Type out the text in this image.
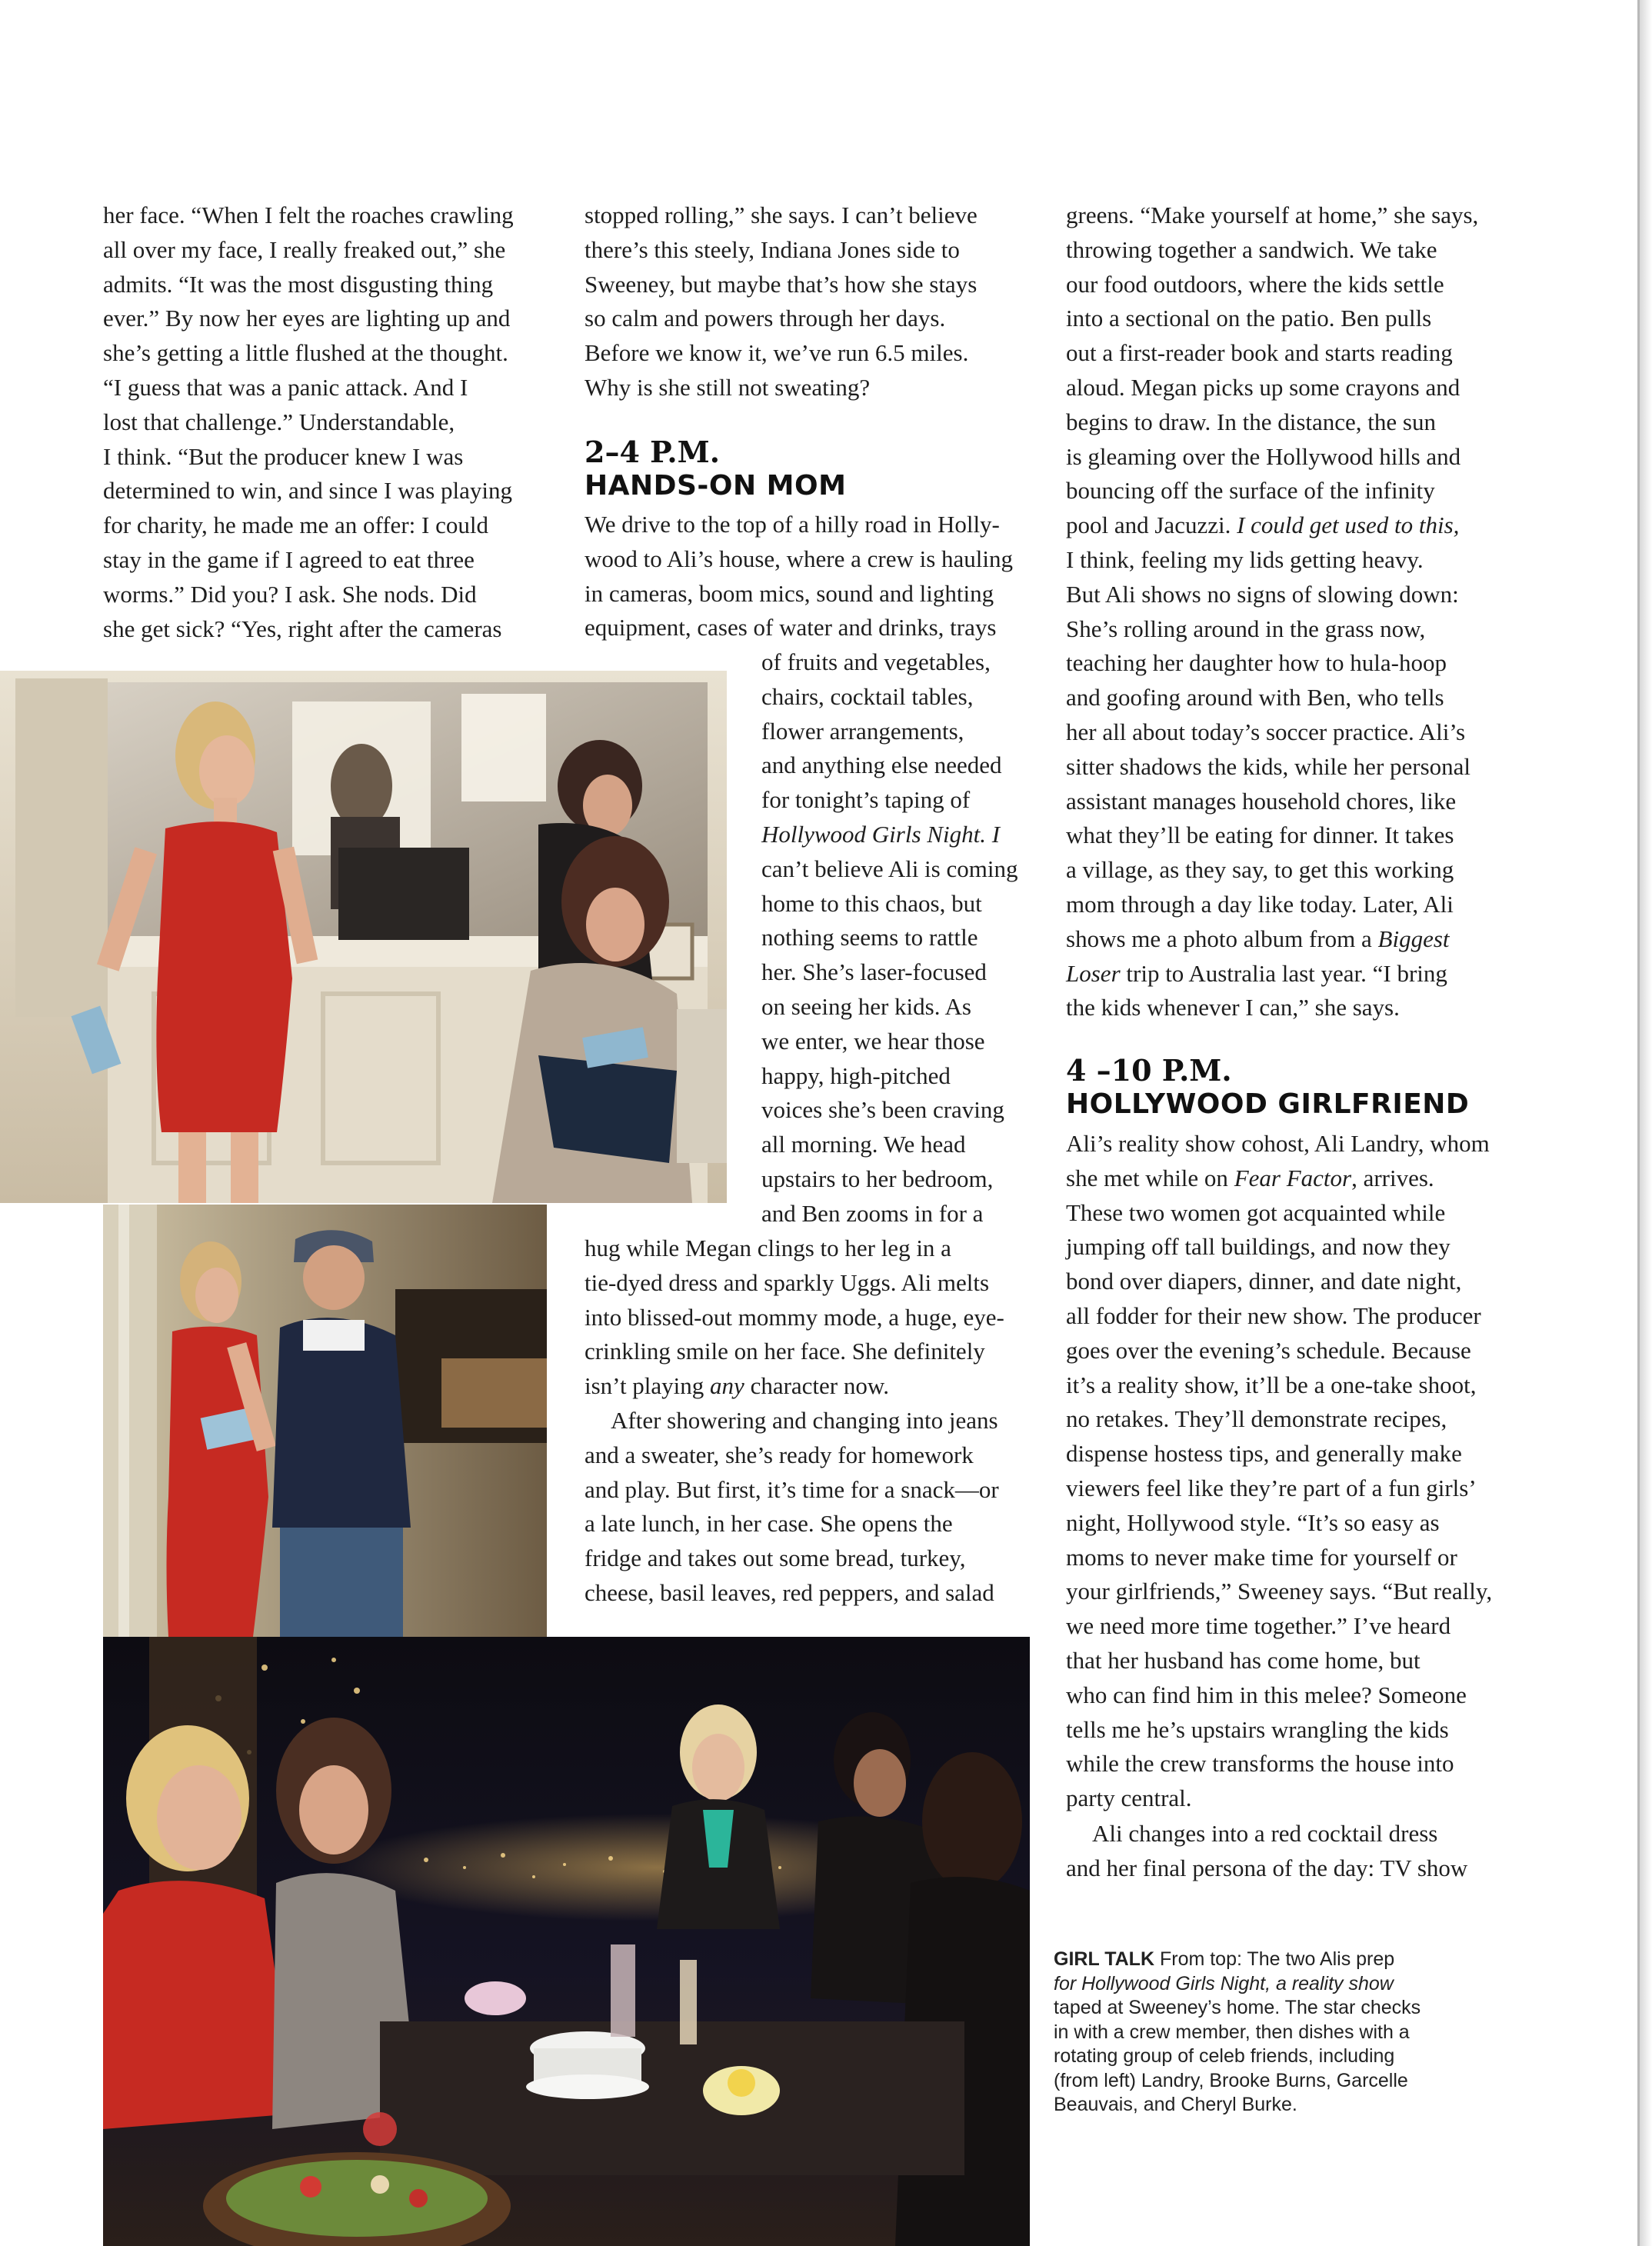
her face. “When I felt the roaches crawling
all over my face, I really freaked out,” she
admits. “It was the most disgusting thing
ever.” By now her eyes are lighting up and
she’s getting a little flushed at the thought.
“I guess that was a panic attack. And I
lost that challenge.” Understandable,
I think. “But the producer knew I was
determined to win, and since I was playing
for charity, he made me an offer: I could
stay in the game if I agreed to eat three
worms.” Did you? I ask. She nods. Did
she get sick? “Yes, right after the cameras
stopped rolling,” she says. I can’t believe
there’s this steely, Indiana Jones side to
Sweeney, but maybe that’s how she stays
so calm and powers through her days.
Before we know it, we’ve run 6.5 miles.
Why is she still not sweating?
2–4 P.M.
HANDS-ON MOM
We drive to the top of a hilly road in Holly-
wood to Ali’s house, where a crew is hauling
in cameras, boom mics, sound and lighting
equipment, cases of water and drinks, trays
of fruits and vegetables,
chairs, cocktail tables,
flower arrangements,
and anything else needed
for tonight’s taping of
Hollywood Girls Night. I
can’t believe Ali is coming
home to this chaos, but
nothing seems to rattle
her. She’s laser-focused
on seeing her kids. As
we enter, we hear those
happy, high-pitched
voices she’s been craving
all morning. We head
upstairs to her bedroom,
and Ben zooms in for a
hug while Megan clings to her leg in a
tie-dyed dress and sparkly Uggs. Ali melts
into blissed-out mommy mode, a huge, eye-
crinkling smile on her face. She definitely
isn’t playing any character now.
After showering and changing into jeans
and a sweater, she’s ready for homework
and play. But first, it’s time for a snack—or
a late lunch, in her case. She opens the
fridge and takes out some bread, turkey,
cheese, basil leaves, red peppers, and salad
greens. “Make yourself at home,” she says,
throwing together a sandwich. We take
our food outdoors, where the kids settle
into a sectional on the patio. Ben pulls
out a first-reader book and starts reading
aloud. Megan picks up some crayons and
begins to draw. In the distance, the sun
is gleaming over the Hollywood hills and
bouncing off the surface of the infinity
pool and Jacuzzi. I could get used to this,
I think, feeling my lids getting heavy.
But Ali shows no signs of slowing down:
She’s rolling around in the grass now,
teaching her daughter how to hula-hoop
and goofing around with Ben, who tells
her all about today’s soccer practice. Ali’s
sitter shadows the kids, while her personal
assistant manages household chores, like
what they’ll be eating for dinner. It takes
a village, as they say, to get this working
mom through a day like today. Later, Ali
shows me a photo album from a Biggest
Loser trip to Australia last year. “I bring
the kids whenever I can,” she says.
4 –10 P.M.
HOLLYWOOD GIRLFRIEND
Ali’s reality show cohost, Ali Landry, whom
she met while on Fear Factor, arrives.
These two women got acquainted while
jumping off tall buildings, and now they
bond over diapers, dinner, and date night,
all fodder for their new show. The producer
goes over the evening’s schedule. Because
it’s a reality show, it’ll be a one-take shoot,
no retakes. They’ll demonstrate recipes,
dispense hostess tips, and generally make
viewers feel like they’re part of a fun girls’
night, Hollywood style. “It’s so easy as
moms to never make time for yourself or
your girlfriends,” Sweeney says. “But really,
we need more time together.” I’ve heard
that her husband has come home, but
who can find him in this melee? Someone
tells me he’s upstairs wrangling the kids
while the crew transforms the house into
party central.
Ali changes into a red cocktail dress
and her final persona of the day: TV show
GIRL TALK From top: The two Alis prep
for Hollywood Girls Night, a reality show
taped at Sweeney’s home. The star checks
in with a crew member, then dishes with a
rotating group of celeb friends, including
(from left) Landry, Brooke Burns, Garcelle
Beauvais, and Cheryl Burke.
